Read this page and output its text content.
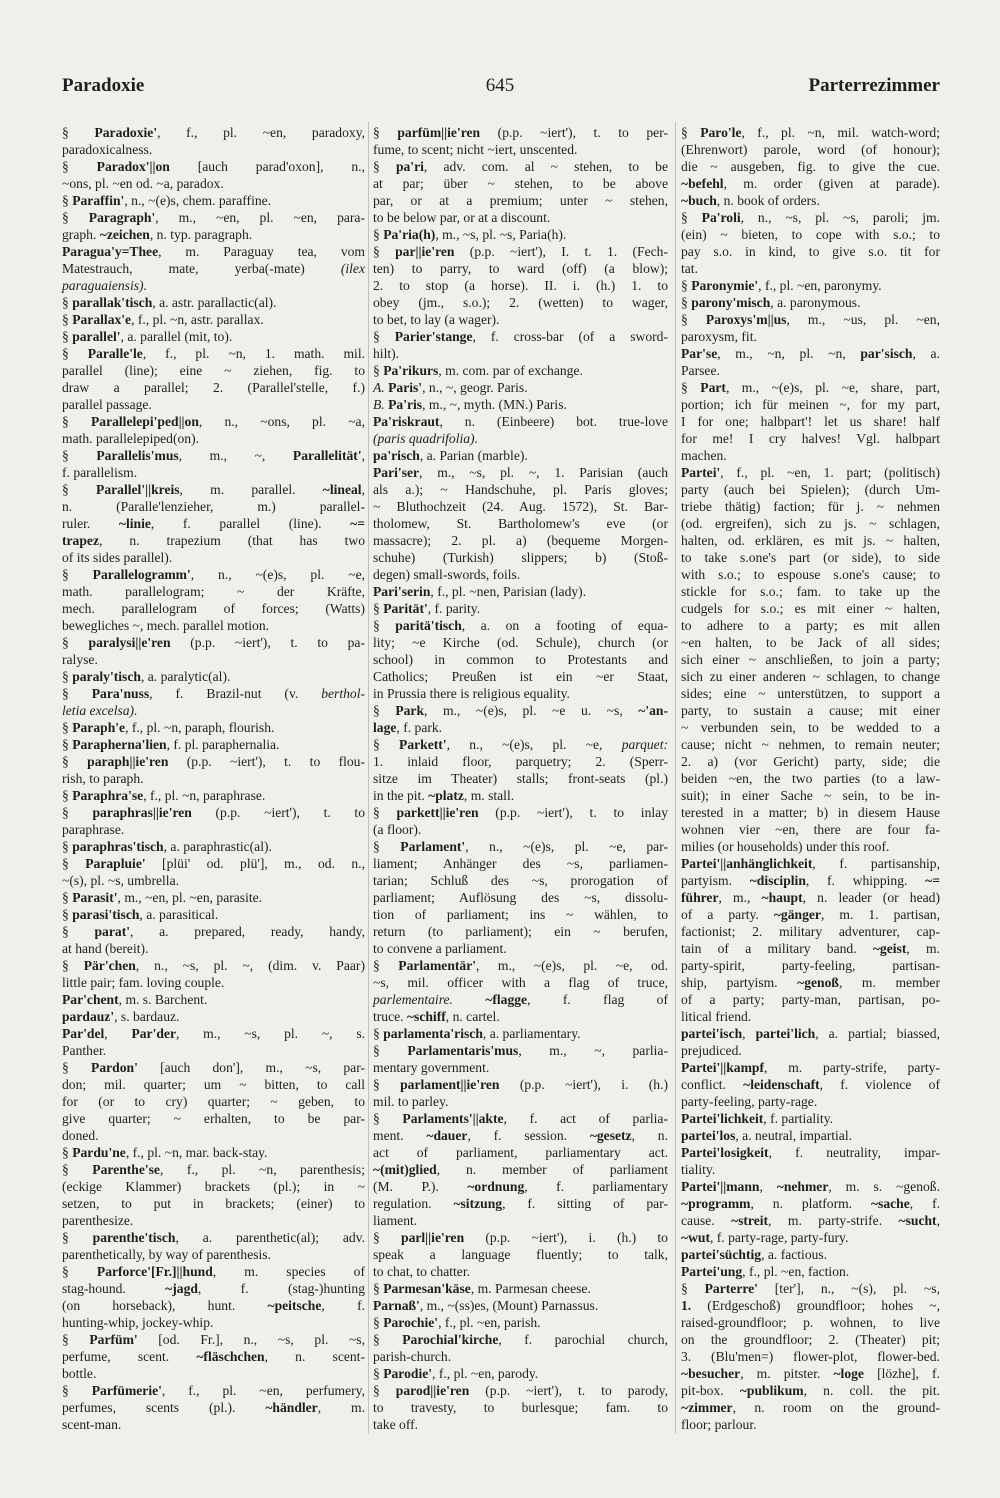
Paradoxie	645	Parterrezimmer
§ Paradoxie', f., pl. ~en, paradoxy,
paradoxicalness.
§ Paradox'||on [auch parad'oxon], n.,
~ons, pl. ~en od. ~a, paradox.
§ Paraffin', n., ~(e)s, chem. paraffine.
§ Paragraph', m., ~en, pl. ~en, para-
graph. ~zeichen, n. typ. paragraph.
Paragua'y=Thee, m. Paraguay tea, vom
Matestrauch, mate, yerba(-mate) (ilex
paraguaiensis).
§ parallak'tisch, a. astr. parallactic(al).
§ Parallax'e, f., pl. ~n, astr. parallax.
§ parallel', a. parallel (mit, to).
§ Paralle'le, f., pl. ~n, 1. math. mil.
parallel (line); eine ~ ziehen, fig. to
draw a parallel; 2. (Parallel'stelle, f.)
parallel passage.
§ Parallelepi'ped||on, n., ~ons, pl. ~a,
math. parallelepiped(on).
§ Parallelis'mus, m., ~, Parallelität',
f. parallelism.
§ Parallel'||kreis, m. parallel. ~lineal,
n. (Paralle'lenzieher, m.) parallel-
ruler. ~linie, f. parallel (line). ~=
trapez, n. trapezium (that has two
of its sides parallel).
§ Parallelogramm', n., ~(e)s, pl. ~e,
math. parallelogram; ~ der Kräfte,
mech. parallelogram of forces; (Watts)
bewegliches ~, mech. parallel motion.
§ paralysi||e'ren (p.p. ~iert'), t. to pa-
ralyse.
§ paraly'tisch, a. paralytic(al).
§ Para'nuss, f. Brazil-nut (v. berthol-
letia excelsa).
§ Paraph'e, f., pl. ~n, paraph, flourish.
§ Parapherna'lien, f. pl. paraphernalia.
§ paraph||ie'ren (p.p. ~iert'), t. to flou-
rish, to paraph.
§ Paraphra'se, f., pl. ~n, paraphrase.
§ paraphras||ie'ren (p.p. ~iert'), t. to
paraphrase.
§ paraphras'tisch, a. paraphrastic(al).
§ Parapluie' [plüi' od. plü'], m., od. n.,
~(s), pl. ~s, umbrella.
§ Parasit', m., ~en, pl. ~en, parasite.
§ parasi'tisch, a. parasitical.
§ parat', a. prepared, ready, handy,
at hand (bereit).
§ Pär'chen, n., ~s, pl. ~, (dim. v. Paar)
little pair; fam. loving couple.
Par'chent, m. s. Barchent.
pardauz', s. bardauz.
Par'del, Par'der, m., ~s, pl. ~, s.
Panther.
§ Pardon' [auch don'], m., ~s, par-
don; mil. quarter; um ~ bitten, to call
for (or to cry) quarter; ~ geben, to
give quarter; ~ erhalten, to be par-
doned.
§ Pardu'ne, f., pl. ~n, mar. back-stay.
§ Parenthe'se, f., pl. ~n, parenthesis;
(eckige Klammer) brackets (pl.); in ~
setzen, to put in brackets; (einer) to
parenthesize.
§ parenthe'tisch, a. parenthetic(al); adv.
parenthetically, by way of parenthesis.
§ Parforce'[Fr.]||hund, m. species of
stag-hound. ~jagd, f. (stag-)hunting
(on horseback), hunt. ~peitsche, f.
hunting-whip, jockey-whip.
§ Parfüm' [od. Fr.], n., ~s, pl. ~s,
perfume, scent. ~fläschchen, n. scent-
bottle.
§ Parfümerie', f., pl. ~en, perfumery,
perfumes, scents (pl.). ~händler, m.
scent-man.
§ parfüm||ie'ren (p.p. ~iert'), t. to per-
fume, to scent; nicht ~iert, unscented.
§ pa'ri, adv. com. al ~ stehen, to be
at par; über ~ stehen, to be above
par, or at a premium; unter ~ stehen,
to be below par, or at a discount.
§ Pa'ria(h), m., ~s, pl. ~s, Paria(h).
§ par||ie'ren (p.p. ~iert'), I. t. 1. (Fech-
ten) to parry, to ward (off) (a blow);
2. to stop (a horse). II. i. (h.) 1. to
obey (jm., s.o.); 2. (wetten) to wager,
to bet, to lay (a wager).
§ Parier'stange, f. cross-bar (of a sword-
hilt).
§ Pa'rikurs, m. com. par of exchange.
A. Paris', n., ~, geogr. Paris.
B. Pa'ris, m., ~, myth. (MN.) Paris.
Pa'riskraut, n. (Einbeere) bot. true-love
(paris quadrifolia).
pa'risch, a. Parian (marble).
Pari'ser, m., ~s, pl. ~, 1. Parisian (auch
als a.); ~ Handschuhe, pl. Paris gloves;
~ Bluthochzeit (24. Aug. 1572), St. Bar-
tholomew, St. Bartholomew's eve (or
massacre); 2. pl. a) (bequeme Morgen-
schuhe) (Turkish) slippers; b) (Stoß-
degen) small-swords, foils.
Pari'serin, f., pl. ~nen, Parisian (lady).
§ Parität', f. parity.
§ paritä'tisch, a. on a footing of equa-
lity; ~e Kirche (od. Schule), church (or
school) in common to Protestants and
Catholics; Preußen ist ein ~er Staat,
in Prussia there is religious equality.
§ Park, m., ~(e)s, pl. ~e u. ~s, ~'an-
lage, f. park.
§ Parkett', n., ~(e)s, pl. ~e, parquet:
1. inlaid floor, parquetry; 2. (Sperr-
sitze im Theater) stalls; front-seats (pl.)
in the pit. ~platz, m. stall.
§ parkett||ie'ren (p.p. ~iert'), t. to inlay
(a floor).
§ Parlament', n., ~(e)s, pl. ~e, par-
liament; Anhänger des ~s, parliamen-
tarian; Schluß des ~s, prorogation of
parliament; Auflösung des ~s, dissolu-
tion of parliament; ins ~ wählen, to
return (to parliament); ein ~ berufen,
to convene a parliament.
§ Parlamentär', m., ~(e)s, pl. ~e, od.
~s, mil. officer with a flag of truce,
parlementaire. ~flagge, f. flag of
truce. ~schiff, n. cartel.
§ parlamenta'risch, a. parliamentary.
§ Parlamentaris'mus, m., ~, parlia-
mentary government.
§ parlament||ie'ren (p.p. ~iert'), i. (h.)
mil. to parley.
§ Parlaments'||akte, f. act of parlia-
ment. ~dauer, f. session. ~gesetz, n.
act of parliament, parliamentary act.
~(mit)glied, n. member of parliament
(M. P.). ~ordnung, f. parliamentary
regulation. ~sitzung, f. sitting of par-
liament.
§ parl||ie'ren (p.p. ~iert'), i. (h.) to
speak a language fluently; to talk,
to chat, to chatter.
§ Parmesan'käse, m. Parmesan cheese.
Parnaß', m., ~(ss)es, (Mount) Parnassus.
§ Parochie', f., pl. ~en, parish.
§ Parochial'kirche, f. parochial church,
parish-church.
§ Parodie', f., pl. ~en, parody.
§ parod||ie'ren (p.p. ~iert'), t. to parody,
to travesty, to burlesque; fam. to
take off.
§ Paro'le, f., pl. ~n, mil. watch-word;
(Ehrenwort) parole, word (of honour);
die ~ ausgeben, fig. to give the cue.
~befehl, m. order (given at parade).
~buch, n. book of orders.
§ Pa'roli, n., ~s, pl. ~s, paroli; jm.
(ein) ~ bieten, to cope with s.o.; to
pay s.o. in kind, to give s.o. tit for
tat.
§ Paronymie', f., pl. ~en, paronymy.
§ parony'misch, a. paronymous.
§ Paroxys'm||us, m., ~us, pl. ~en,
paroxysm, fit.
Par'se, m., ~n, pl. ~n, par'sisch, a.
Parsee.
§ Part, m., ~(e)s, pl. ~e, share, part,
portion; ich für meinen ~, for my part,
I for one; halbpart'! let us share! half
for me! I cry halves! Vgl. halbpart
machen.
Partei', f., pl. ~en, 1. part; (politisch)
party (auch bei Spielen); (durch Um-
triebe thätig) faction; für j. ~ nehmen
(od. ergreifen), sich zu js. ~ schlagen,
halten, od. erklären, es mit js. ~ halten,
to take s.one's part (or side), to side
with s.o.; to espouse s.one's cause; to
stickle for s.o.; fam. to take up the
cudgels for s.o.; es mit einer ~ halten,
to adhere to a party; es mit allen
~en halten, to be Jack of all sides;
sich einer ~ anschließen, to join a party;
sich zu einer anderen ~ schlagen, to change
sides; eine ~ unterstützen, to support a
party, to sustain a cause; mit einer
~ verbunden sein, to be wedded to a
cause; nicht ~ nehmen, to remain neuter;
2. a) (vor Gericht) party, side; die
beiden ~en, the two parties (to a law-
suit); in einer Sache ~ sein, to be in-
terested in a matter; b) in diesem Hause
wohnen vier ~en, there are four fa-
milies (or households) under this roof.
Partei'||anhänglichkeit, f. partisanship,
partyism. ~disciplin, f. whipping. ~=
führer, m., ~haupt, n. leader (or head)
of a party. ~gänger, m. 1. partisan,
factionist; 2. military adventurer, cap-
tain of a military band. ~geist, m.
party-spirit, party-feeling, partisan-
ship, partyism. ~genoß, m. member
of a party; party-man, partisan, po-
litical friend.
partei'isch, partei'lich, a. partial; biassed,
prejudiced.
Partei'||kampf, m. party-strife, party-
conflict. ~leidenschaft, f. violence of
party-feeling, party-rage.
Partei'lichkeit, f. partiality.
partei'los, a. neutral, impartial.
Partei'losigkeit, f. neutrality, impar-
tiality.
Partei'||mann, ~nehmer, m. s. ~genoß.
~programm, n. platform. ~sache, f.
cause. ~streit, m. party-strife. ~sucht,
~wut, f. party-rage, party-fury.
partei'süchtig, a. factious.
Partei'ung, f., pl. ~en, faction.
§ Parterre' [ter'], n., ~(s), pl. ~s,
1. (Erdgeschoß) groundfloor; hohes ~,
raised-groundfloor; p. wohnen, to live
on the groundfloor; 2. (Theater) pit;
3. (Blu'men=) flower-plot, flower-bed.
~besucher, m. pitster. ~loge [lözhe], f.
pit-box. ~publikum, n. coll. the pit.
~zimmer, n. room on the ground-
floor; parlour.
